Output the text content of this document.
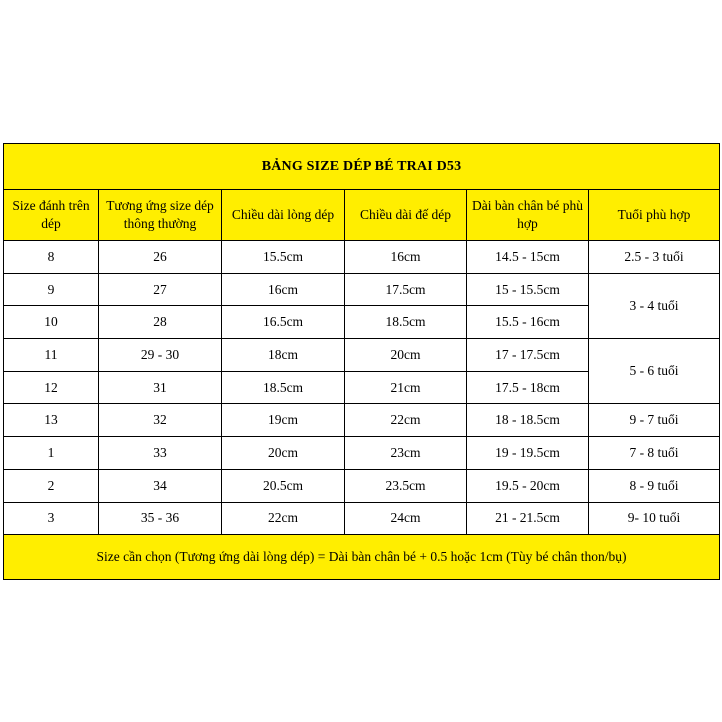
BẢNG SIZE DÉP BÉ TRAI D53					
Size đánh trên dép	Tương ứng size dép thông thường	Chiều dài lòng dép	Chiều dài đế dép	Dài bàn chân bé phù hợp	Tuổi phù hợp
8	26	15.5cm	16cm	14.5 - 15cm	2.5 - 3 tuổi
9	27	16cm	17.5cm	15 - 15.5cm	3 - 4 tuổi
10	28	16.5cm	18.5cm	15.5 - 16cm	
11	29 - 30	18cm	20cm	17 - 17.5cm	5 - 6 tuổi
12	31	18.5cm	21cm	17.5 - 18cm	
13	32	19cm	22cm	18 - 18.5cm	9 - 7 tuổi
1	33	20cm	23cm	19 - 19.5cm	7 - 8 tuổi
2	34	20.5cm	23.5cm	19.5 - 20cm	8 - 9 tuổi
3	35 - 36	22cm	24cm	21 - 21.5cm	9- 10 tuổi
Size cần chọn (Tương ứng dài lòng dép) = Dài bàn chân bé + 0.5 hoặc 1cm (Tùy bé chân thon/bụ)					
